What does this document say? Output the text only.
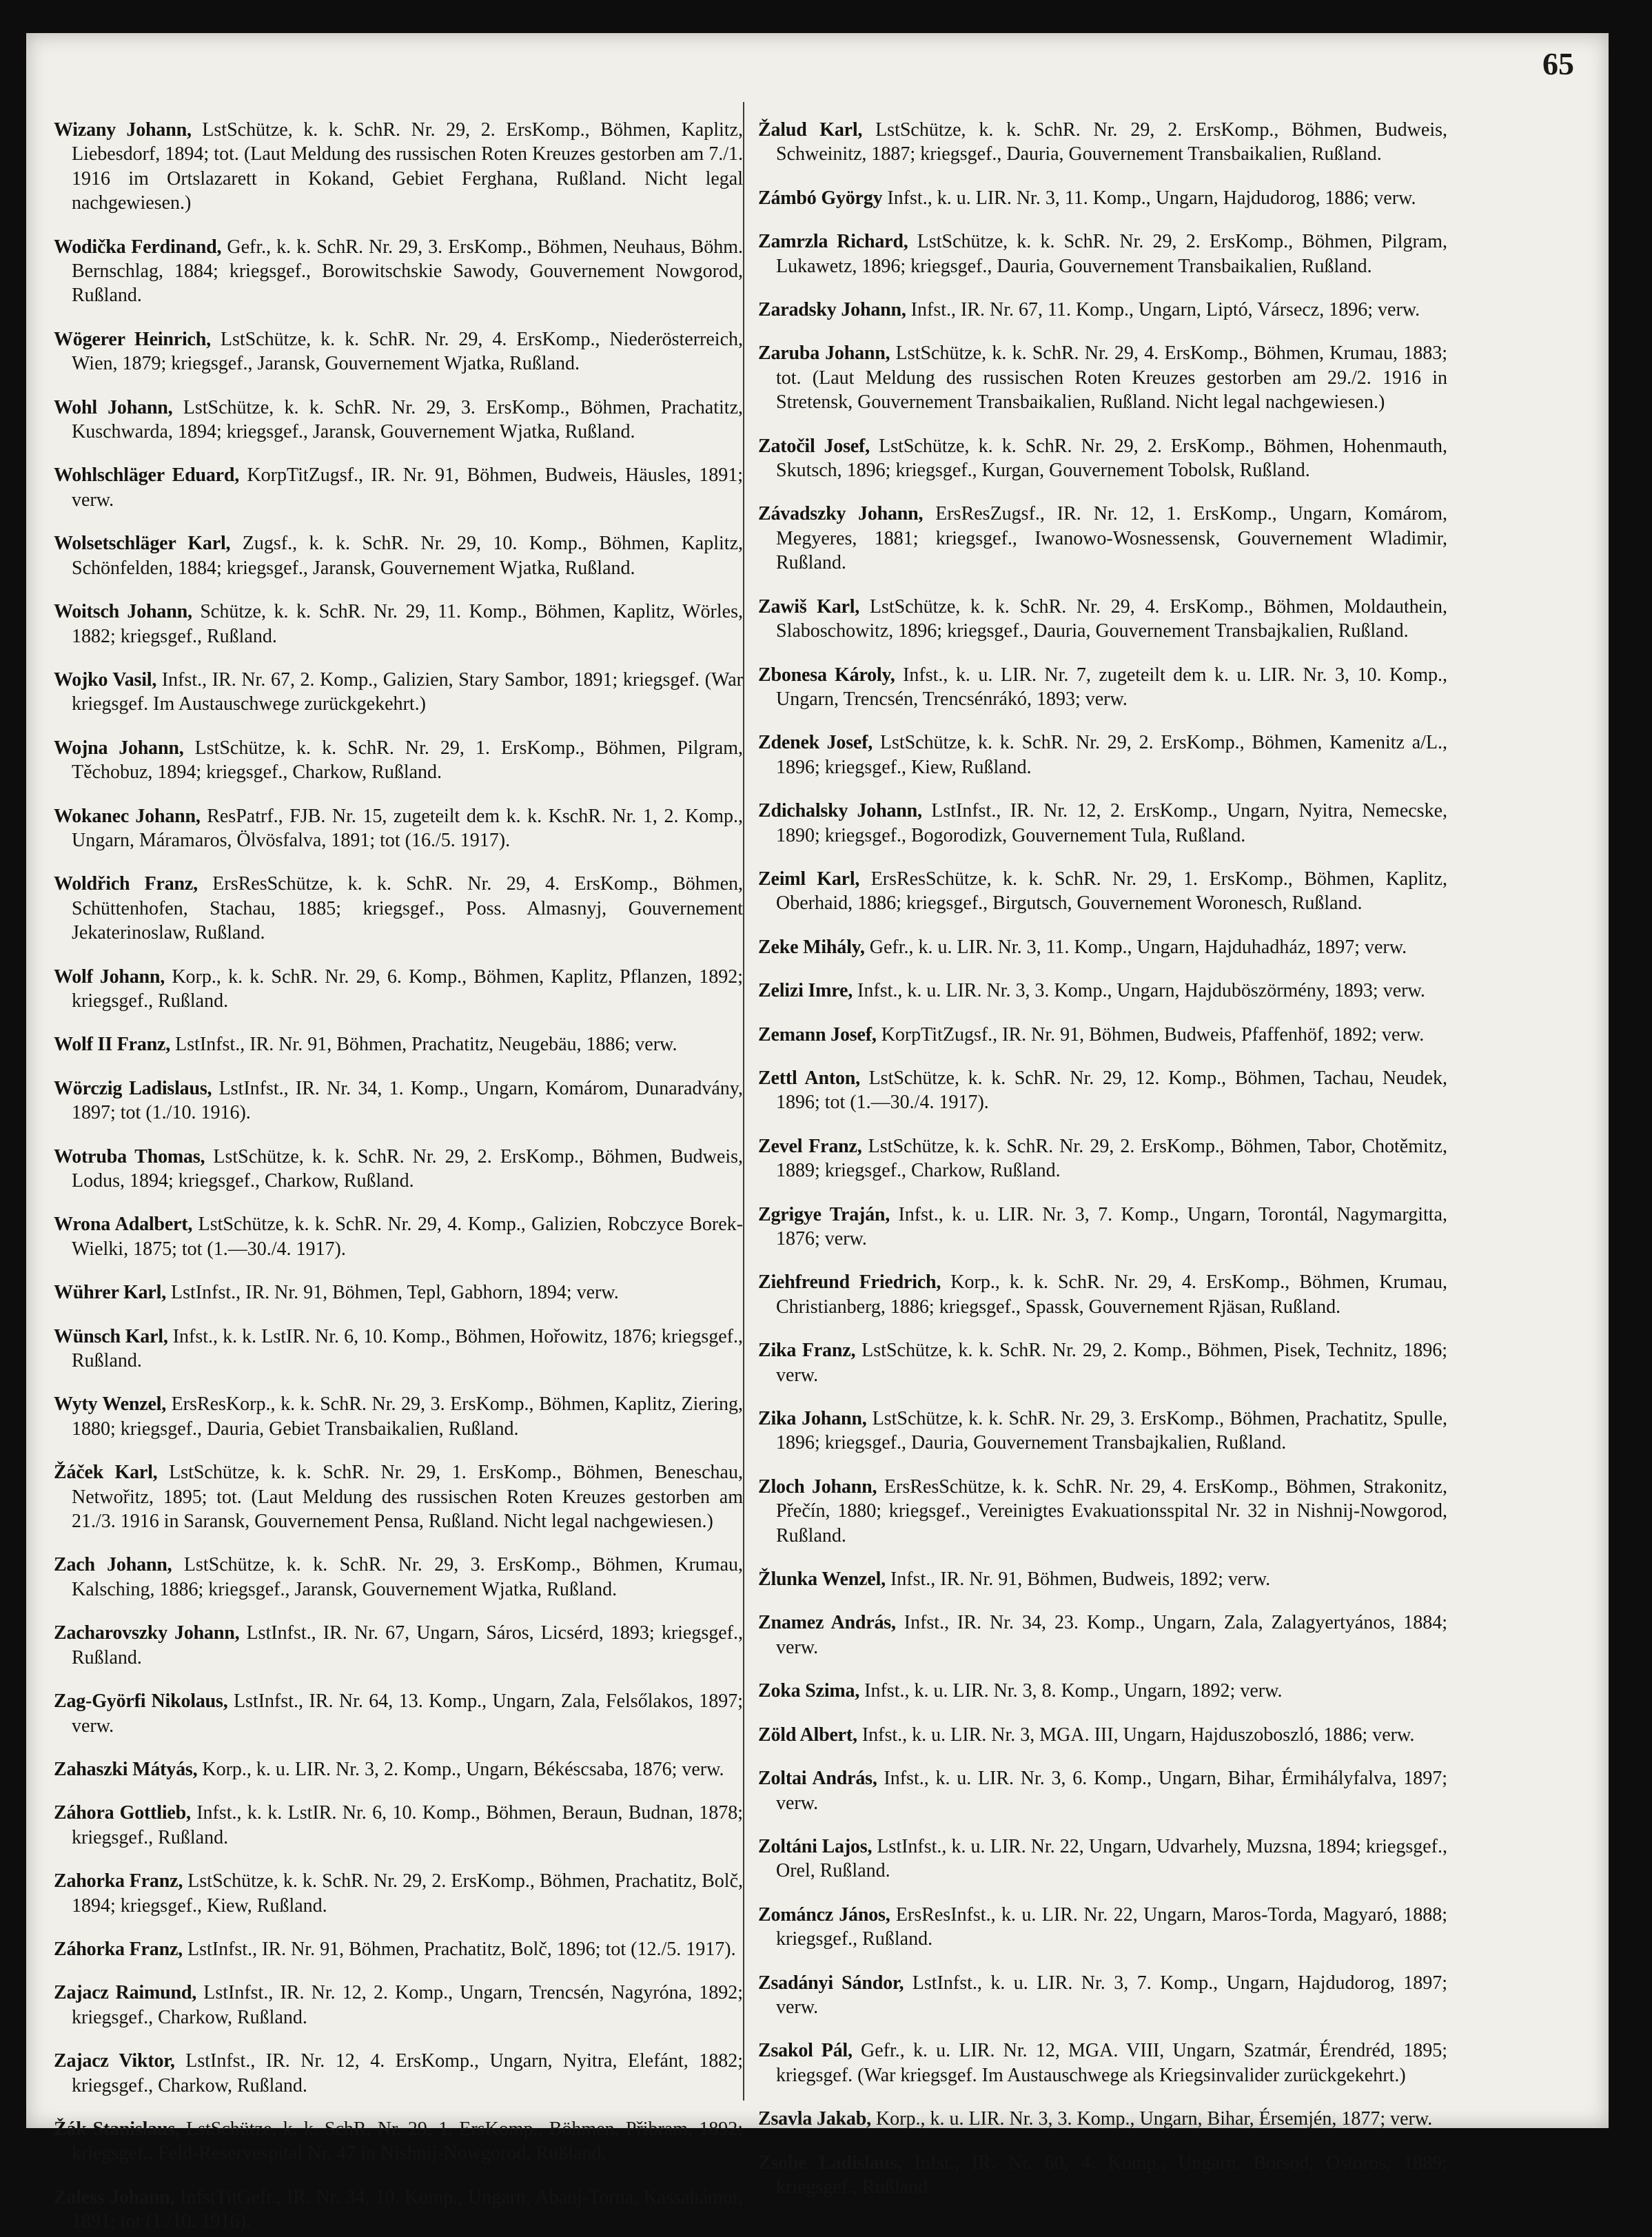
65

Wizany Johann, LstSchütze, k. k. SchR. Nr. 29, 2. ErsKomp., Böhmen, Kaplitz, Liebesdorf, 1894; tot. (Laut Meldung des russischen Roten Kreuzes gestorben am 7./1. 1916 im Ortslazarett in Kokand, Gebiet Ferghana, Rußland. Nicht legal nachgewiesen.)

Wodička Ferdinand, Gefr., k. k. SchR. Nr. 29, 3. ErsKomp., Böhmen, Neuhaus, Böhm. Bernschlag, 1884; kriegsgef., Borowitschskie Sawody, Gouvernement Nowgorod, Rußland.

Wögerer Heinrich, LstSchütze, k. k. SchR. Nr. 29, 4. ErsKomp., Niederösterreich, Wien, 1879; kriegsgef., Jaransk, Gouvernement Wjatka, Rußland.

Wohl Johann, LstSchütze, k. k. SchR. Nr. 29, 3. ErsKomp., Böhmen, Prachatitz, Kuschwarda, 1894; kriegsgef., Jaransk, Gouvernement Wjatka, Rußland.

Wohlschläger Eduard, KorpTitZugsf., IR. Nr. 91, Böhmen, Budweis, Häusles, 1891; verw.

Wolsetschläger Karl, Zugsf., k. k. SchR. Nr. 29, 10. Komp., Böhmen, Kaplitz, Schönfelden, 1884; kriegsgef., Jaransk, Gouvernement Wjatka, Rußland.

Woitsch Johann, Schütze, k. k. SchR. Nr. 29, 11. Komp., Böhmen, Kaplitz, Wörles, 1882; kriegsgef., Rußland.

Wojko Vasil, Infst., IR. Nr. 67, 2. Komp., Galizien, Stary Sambor, 1891; kriegsgef. (War kriegsgef. Im Austauschwege zurückgekehrt.)

Wojna Johann, LstSchütze, k. k. SchR. Nr. 29, 1. ErsKomp., Böhmen, Pilgram, Těchobuz, 1894; kriegsgef., Charkow, Rußland.

Wokanec Johann, ResPatrf., FJB. Nr. 15, zugeteilt dem k. k. KschR. Nr. 1, 2. Komp., Ungarn, Máramaros, Ölvösfalva, 1891; tot (16./5. 1917).

Woldřich Franz, ErsResSchütze, k. k. SchR. Nr. 29, 4. ErsKomp., Böhmen, Schüttenhofen, Stachau, 1885; kriegsgef., Poss. Almasnyj, Gouvernement Jekaterinoslaw, Rußland.

Wolf Johann, Korp., k. k. SchR. Nr. 29, 6. Komp., Böhmen, Kaplitz, Pflanzen, 1892; kriegsgef., Rußland.

Wolf II Franz, LstInfst., IR. Nr. 91, Böhmen, Prachatitz, Neugebäu, 1886; verw.

Wörczig Ladislaus, LstInfst., IR. Nr. 34, 1. Komp., Ungarn, Komárom, Dunaradvány, 1897; tot (1./10. 1916).

Wotruba Thomas, LstSchütze, k. k. SchR. Nr. 29, 2. ErsKomp., Böhmen, Budweis, Lodus, 1894; kriegsgef., Charkow, Rußland.

Wrona Adalbert, LstSchütze, k. k. SchR. Nr. 29, 4. Komp., Galizien, Robczyce Borek-Wielki, 1875; tot (1.—30./4. 1917).

Wührer Karl, LstInfst., IR. Nr. 91, Böhmen, Tepl, Gabhorn, 1894; verw.

Wünsch Karl, Infst., k. k. LstIR. Nr. 6, 10. Komp., Böhmen, Hořowitz, 1876; kriegsgef., Rußland.

Wyty Wenzel, ErsResKorp., k. k. SchR. Nr. 29, 3. ErsKomp., Böhmen, Kaplitz, Ziering, 1880; kriegsgef., Dauria, Gebiet Transbaikalien, Rußland.

Žáček Karl, LstSchütze, k. k. SchR. Nr. 29, 1. ErsKomp., Böhmen, Beneschau, Netwořitz, 1895; tot. (Laut Meldung des russischen Roten Kreuzes gestorben am 21./3. 1916 in Saransk, Gouvernement Pensa, Rußland. Nicht legal nachgewiesen.)

Zach Johann, LstSchütze, k. k. SchR. Nr. 29, 3. ErsKomp., Böhmen, Krumau, Kalsching, 1886; kriegsgef., Jaransk, Gouvernement Wjatka, Rußland.

Zacharovszky Johann, LstInfst., IR. Nr. 67, Ungarn, Sáros, Licsérd, 1893; kriegsgef., Rußland.

Zag-Györfi Nikolaus, LstInfst., IR. Nr. 64, 13. Komp., Ungarn, Zala, Felsőlakos, 1897; verw.

Zahaszki Mátyás, Korp., k. u. LIR. Nr. 3, 2. Komp., Ungarn, Békéscsaba, 1876; verw.

Záhora Gottlieb, Infst., k. k. LstIR. Nr. 6, 10. Komp., Böhmen, Beraun, Budnan, 1878; kriegsgef., Rußland.

Zahorka Franz, LstSchütze, k. k. SchR. Nr. 29, 2. ErsKomp., Böhmen, Prachatitz, Bolč, 1894; kriegsgef., Kiew, Rußland.

Záhorka Franz, LstInfst., IR. Nr. 91, Böhmen, Prachatitz, Bolč, 1896; tot (12./5. 1917).

Zajacz Raimund, LstInfst., IR. Nr. 12, 2. Komp., Ungarn, Trencsén, Nagyróna, 1892; kriegsgef., Charkow, Rußland.

Zajacz Viktor, LstInfst., IR. Nr. 12, 4. ErsKomp., Ungarn, Nyitra, Elefánt, 1882; kriegsgef., Charkow, Rußland.

Žák Stanislaus, LstSchütze, k. k. SchR. Nr. 29, 1. ErsKomp., Böhmen, Přibram, 1892; kriegsgef., Feld-Reservespital Nr. 47 in Nishnij-Nowgorod, Rußland.

Zaless Johann, InfstTitGefr., IR. Nr. 34, 10. Komp., Ungarn, Abauj-Torna, Kassahámor, 1891; tot (1./10. 1916).

Žalud Karl, LstSchütze, k. k. SchR. Nr. 29, 2. ErsKomp., Böhmen, Budweis, Schweinitz, 1887; kriegsgef., Dauria, Gouvernement Transbaikalien, Rußland.

Zámbó György Infst., k. u. LIR. Nr. 3, 11. Komp., Ungarn, Hajdudorog, 1886; verw.

Zamrzla Richard, LstSchütze, k. k. SchR. Nr. 29, 2. ErsKomp., Böhmen, Pilgram, Lukawetz, 1896; kriegsgef., Dauria, Gouvernement Transbaikalien, Rußland.

Zaradsky Johann, Infst., IR. Nr. 67, 11. Komp., Ungarn, Liptó, Vársecz, 1896; verw.

Zaruba Johann, LstSchütze, k. k. SchR. Nr. 29, 4. ErsKomp., Böhmen, Krumau, 1883; tot. (Laut Meldung des russischen Roten Kreuzes gestorben am 29./2. 1916 in Stretensk, Gouvernement Transbaikalien, Rußland. Nicht legal nachgewiesen.)

Zatočil Josef, LstSchütze, k. k. SchR. Nr. 29, 2. ErsKomp., Böhmen, Hohenmauth, Skutsch, 1896; kriegsgef., Kurgan, Gouvernement Tobolsk, Rußland.

Závadszky Johann, ErsResZugsf., IR. Nr. 12, 1. ErsKomp., Ungarn, Komárom, Megyeres, 1881; kriegsgef., Iwanowo-Wosnessensk, Gouvernement Wladimir, Rußland.

Zawiš Karl, LstSchütze, k. k. SchR. Nr. 29, 4. ErsKomp., Böhmen, Moldauthein, Slaboschowitz, 1896; kriegsgef., Dauria, Gouvernement Transbajkalien, Rußland.

Zbonesa Károly, Infst., k. u. LIR. Nr. 7, zugeteilt dem k. u. LIR. Nr. 3, 10. Komp., Ungarn, Trencsén, Trencsénrákó, 1893; verw.

Zdenek Josef, LstSchütze, k. k. SchR. Nr. 29, 2. ErsKomp., Böhmen, Kamenitz a/L., 1896; kriegsgef., Kiew, Rußland.

Zdichalsky Johann, LstInfst., IR. Nr. 12, 2. ErsKomp., Ungarn, Nyitra, Nemecske, 1890; kriegsgef., Bogorodizk, Gouvernement Tula, Rußland.

Zeiml Karl, ErsResSchütze, k. k. SchR. Nr. 29, 1. ErsKomp., Böhmen, Kaplitz, Oberhaid, 1886; kriegsgef., Birgutsch, Gouvernement Woronesch, Rußland.

Zeke Mihály, Gefr., k. u. LIR. Nr. 3, 11. Komp., Ungarn, Hajduhadház, 1897; verw.

Zelizi Imre, Infst., k. u. LIR. Nr. 3, 3. Komp., Ungarn, Hajduböszörmény, 1893; verw.

Zemann Josef, KorpTitZugsf., IR. Nr. 91, Böhmen, Budweis, Pfaffenhöf, 1892; verw.

Zettl Anton, LstSchütze, k. k. SchR. Nr. 29, 12. Komp., Böhmen, Tachau, Neudek, 1896; tot (1.—30./4. 1917).

Zevel Franz, LstSchütze, k. k. SchR. Nr. 29, 2. ErsKomp., Böhmen, Tabor, Chotěmitz, 1889; kriegsgef., Charkow, Rußland.

Zgrigye Traján, Infst., k. u. LIR. Nr. 3, 7. Komp., Ungarn, Torontál, Nagymargitta, 1876; verw.

Ziehfreund Friedrich, Korp., k. k. SchR. Nr. 29, 4. ErsKomp., Böhmen, Krumau, Christianberg, 1886; kriegsgef., Spassk, Gouvernement Rjäsan, Rußland.

Zika Franz, LstSchütze, k. k. SchR. Nr. 29, 2. Komp., Böhmen, Pisek, Technitz, 1896; verw.

Zika Johann, LstSchütze, k. k. SchR. Nr. 29, 3. ErsKomp., Böhmen, Prachatitz, Spulle, 1896; kriegsgef., Dauria, Gouvernement Transbajkalien, Rußland.

Zloch Johann, ErsResSchütze, k. k. SchR. Nr. 29, 4. ErsKomp., Böhmen, Strakonitz, Přečín, 1880; kriegsgef., Vereinigtes Evakuationsspital Nr. 32 in Nishnij-Nowgorod, Rußland.

Žlunka Wenzel, Infst., IR. Nr. 91, Böhmen, Budweis, 1892; verw.

Znamez András, Infst., IR. Nr. 34, 23. Komp., Ungarn, Zala, Zalagyertyános, 1884; verw.

Zoka Szima, Infst., k. u. LIR. Nr. 3, 8. Komp., Ungarn, 1892; verw.

Zöld Albert, Infst., k. u. LIR. Nr. 3, MGA. III, Ungarn, Hajduszoboszló, 1886; verw.

Zoltai András, Infst., k. u. LIR. Nr. 3, 6. Komp., Ungarn, Bihar, Érmihályfalva, 1897; verw.

Zoltáni Lajos, LstInfst., k. u. LIR. Nr. 22, Ungarn, Udvarhely, Muzsna, 1894; kriegsgef., Orel, Rußland.

Zománcz János, ErsResInfst., k. u. LIR. Nr. 22, Ungarn, Maros-Torda, Magyaró, 1888; kriegsgef., Rußland.

Zsadányi Sándor, LstInfst., k. u. LIR. Nr. 3, 7. Komp., Ungarn, Hajdudorog, 1897; verw.

Zsakol Pál, Gefr., k. u. LIR. Nr. 12, MGA. VIII, Ungarn, Szatmár, Érendréd, 1895; kriegsgef. (War kriegsgef. Im Austauschwege als Kriegsinvalider zurückgekehrt.)

Zsavla Jakab, Korp., k. u. LIR. Nr. 3, 3. Komp., Ungarn, Bihar, Érsemjén, 1877; verw.

Zsobe Ladislaus, Infst., IR. Nr. 60, 4. Komp., Ungarn, Borsod, Ostoros, 1889; kriegsgef., Rußland.
